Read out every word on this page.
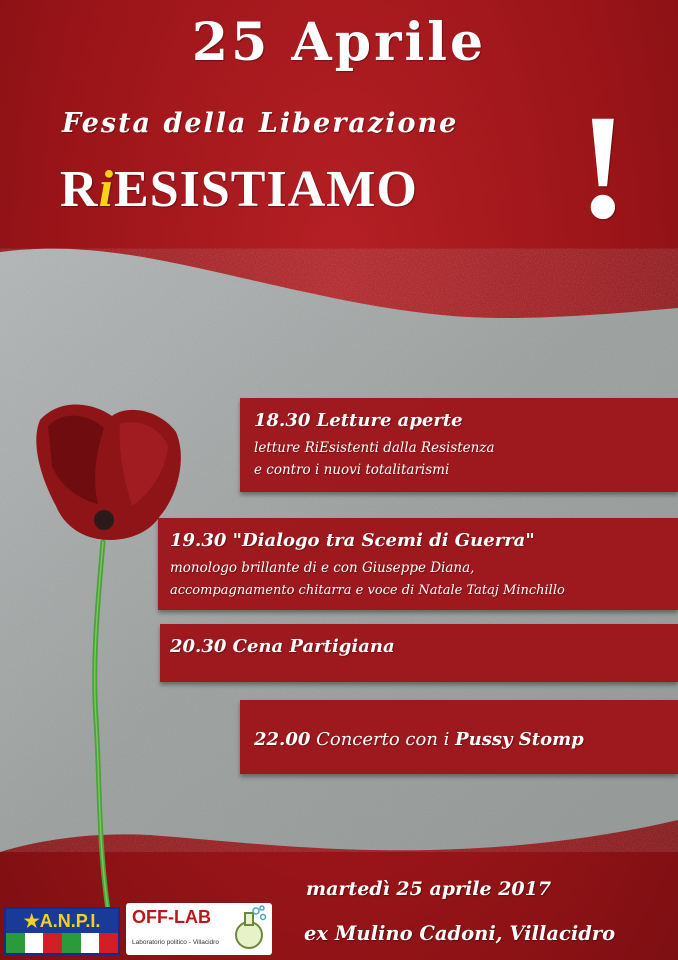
25 Aprile
Festa della Liberazione
RiESISTIAMO !
18.30 Letture aperte
letture RiEsistenti dalla Resistenza
e contro i nuovi totalitarismi
19.30 "Dialogo tra Scemi di Guerra"
monologo brillante di e con Giuseppe Diana,
accompagnamento chitarra e voce di Natale Tataj Minchillo
20.30 Cena Partigiana
22.00 Concerto con i Pussy Stomp
martedì 25 aprile 2017
ex Mulino Cadoni, Villacidro
★A.N.P.I.	OFF-LAB
Laboratorio politico - Villacidro
